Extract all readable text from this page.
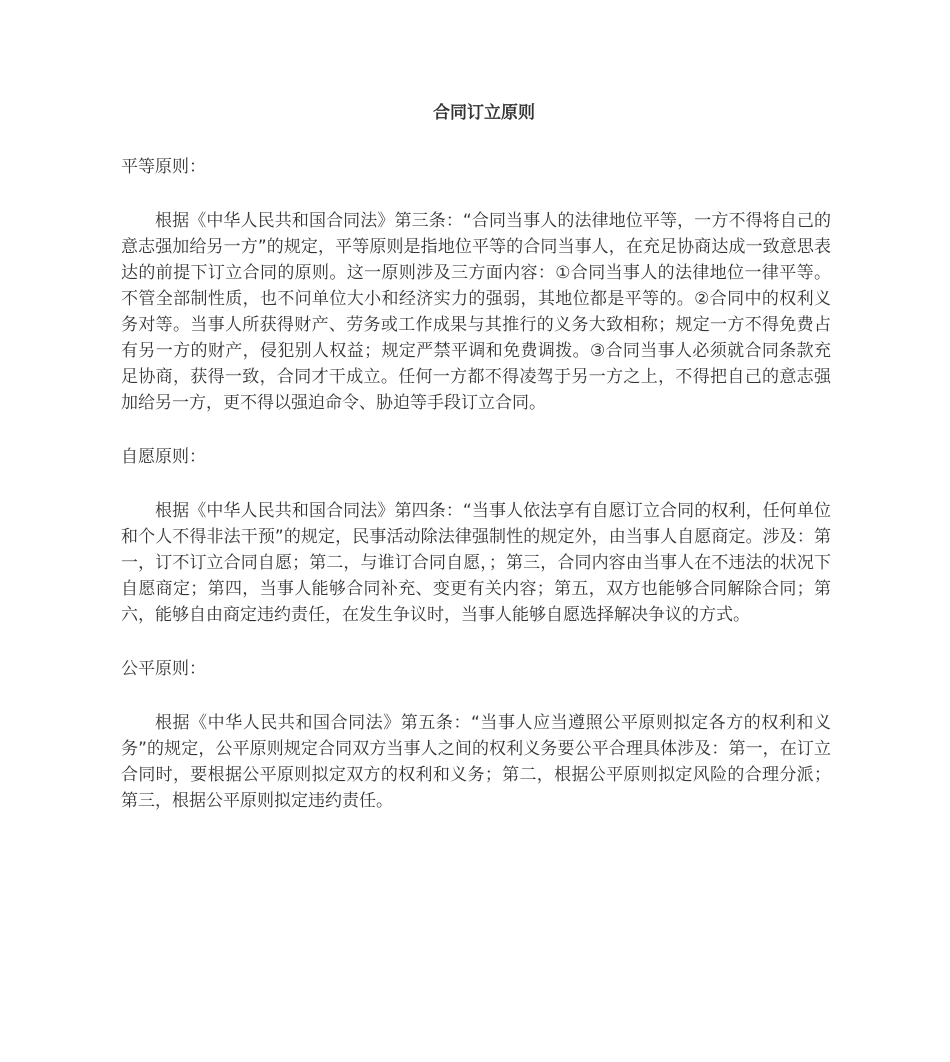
合同订立原则
平等原则：

根据《中华人民共和国合同法》第三条：“合同当事人的法律地位平等，一方不得将自己的意志强加给另一方”的规定，平等原则是指地位平等的合同当事人，在充足协商达成一致意思表达的前提下订立合同的原则。这一原则涉及三方面内容：①合同当事人的法律地位一律平等。不管全部制性质，也不问单位大小和经济实力的强弱，其地位都是平等的。②合同中的权利义务对等。当事人所获得财产、劳务或工作成果与其推行的义务大致相称；规定一方不得免费占有另一方的财产，侵犯别人权益；规定严禁平调和免费调拨。③合同当事人必须就合同条款充足协商，获得一致，合同才干成立。任何一方都不得凌驾于另一方之上，不得把自己的意志强加给另一方，更不得以强迫命令、胁迫等手段订立合同。

自愿原则：

根据《中华人民共和国合同法》第四条：“当事人依法享有自愿订立合同的权利，任何单位和个人不得非法干预”的规定，民事活动除法律强制性的规定外，由当事人自愿商定。涉及：第一，订不订立合同自愿；第二，与谁订合同自愿，；第三，合同内容由当事人在不违法的状况下自愿商定；第四，当事人能够合同补充、变更有关内容；第五，双方也能够合同解除合同；第六，能够自由商定违约责任，在发生争议时，当事人能够自愿选择解决争议的方式。

公平原则：

根据《中华人民共和国合同法》第五条：“当事人应当遵照公平原则拟定各方的权利和义务”的规定，公平原则规定合同双方当事人之间的权利义务要公平合理具体涉及：第一，在订立合同时，要根据公平原则拟定双方的权利和义务；第二，根据公平原则拟定风险的合理分派；第三，根据公平原则拟定违约责任。
